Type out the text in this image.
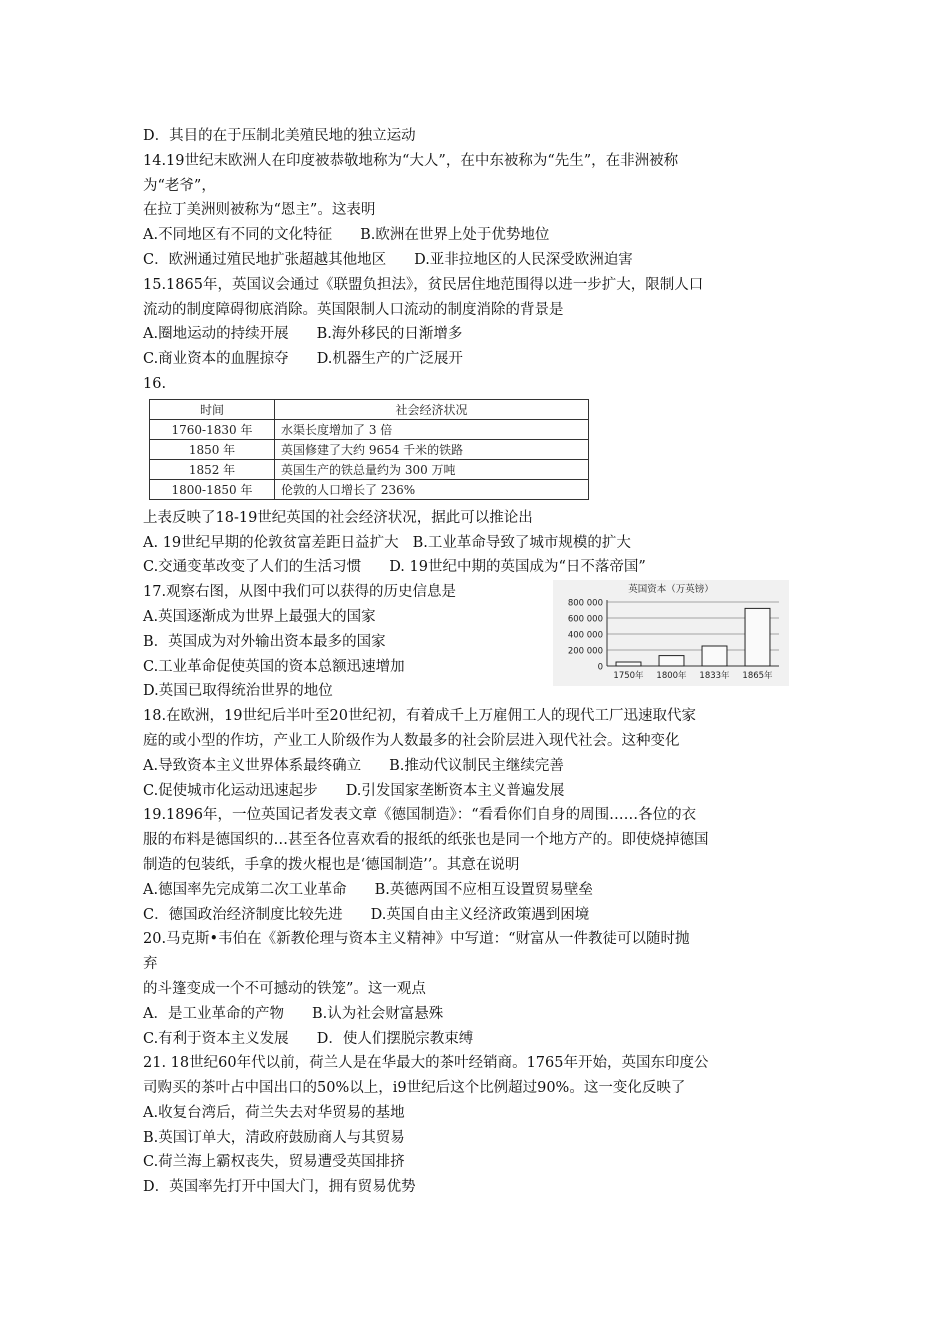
D．其目的在于压制北美殖民地的独立运动
14.19世纪末欧洲人在印度被恭敬地称为“大人”，在中东被称为“先生”，在非洲被称
为“老爷”，
在拉丁美洲则被称为“恩主”。这表明
A.不同地区有不同的文化特征 B.欧洲在世界上处于优势地位
C．欧洲通过殖民地扩张超越其他地区 D.亚非拉地区的人民深受欧洲迫害
15.1865年，英国议会通过《联盟负担法》，贫民居住地范围得以进一步扩大，限制人口
流动的制度障碍彻底消除。英国限制人口流动的制度消除的背景是
A.圈地运动的持续开展 B.海外移民的日渐增多
C.商业资本的血腥掠夺 D.机器生产的广泛展开
16.
时间	社会经济状况
1760-1830 年	水渠长度增加了 3 倍
1850 年	英国修建了大约 9654 千米的铁路
1852 年	英国生产的铁总量约为 300 万吨
1800-1850 年	伦敦的人口增长了 236%
上表反映了18-19世纪英国的社会经济状况，据此可以推论出
A. 19世纪早期的伦敦贫富差距日益扩大 B.工业革命导致了城市规模的扩大
C.交通变革改变了人们的生活习惯 D. 19世纪中期的英国成为“日不落帝国”
17.观察右图，从图中我们可以获得的历史信息是
A.英国逐渐成为世界上最强大的国家
B．英国成为对外输出资本最多的国家
C.工业革命促使英国的资本总额迅速增加
D.英国已取得统治世界的地位
英国资本（万英镑）
800 000
600 000
400 000
200 000
0
1750年 1800年 1833年 1865年
18.在欧洲，19世纪后半叶至20世纪初，有着成千上万雇佣工人的现代工厂迅速取代家
庭的或小型的作坊，产业工人阶级作为人数最多的社会阶层进入现代社会。这种变化
A.导致资本主义世界体系最终确立 B.推动代议制民主继续完善
C.促使城市化运动迅速起步 D.引发国家垄断资本主义普遍发展
19.1896年，一位英国记者发表文章《德国制造》：“看看你们自身的周围……各位的衣
服的布料是德国织的…甚至各位喜欢看的报纸的纸张也是同一个地方产的。即使烧掉德国
制造的包装纸，手拿的拨火棍也是‘德国制造’’。其意在说明
A.德国率先完成第二次工业革命 B.英德两国不应相互设置贸易壁垒
C．德国政治经济制度比较先进 D.英国自由主义经济政策遇到困境
20.马克斯•韦伯在《新教伦理与资本主义精神》中写道：“财富从一件教徒可以随时抛
弃
的斗篷变成一个不可撼动的铁笼”。这一观点
A．是工业革命的产物 B.认为社会财富悬殊
C.有利于资本主义发展 D．使人们摆脱宗教束缚
21. 18世纪60年代以前，荷兰人是在华最大的茶叶经销商。1765年开始，英国东印度公
司购买的茶叶占中国出口的50%以上，i9世纪后这个比例超过90%。这一变化反映了
A.收复台湾后，荷兰失去对华贸易的基地
B.英国订单大，清政府鼓励商人与其贸易
C.荷兰海上霸权丧失，贸易遭受英国排挤
D．英国率先打开中国大门，拥有贸易优势
